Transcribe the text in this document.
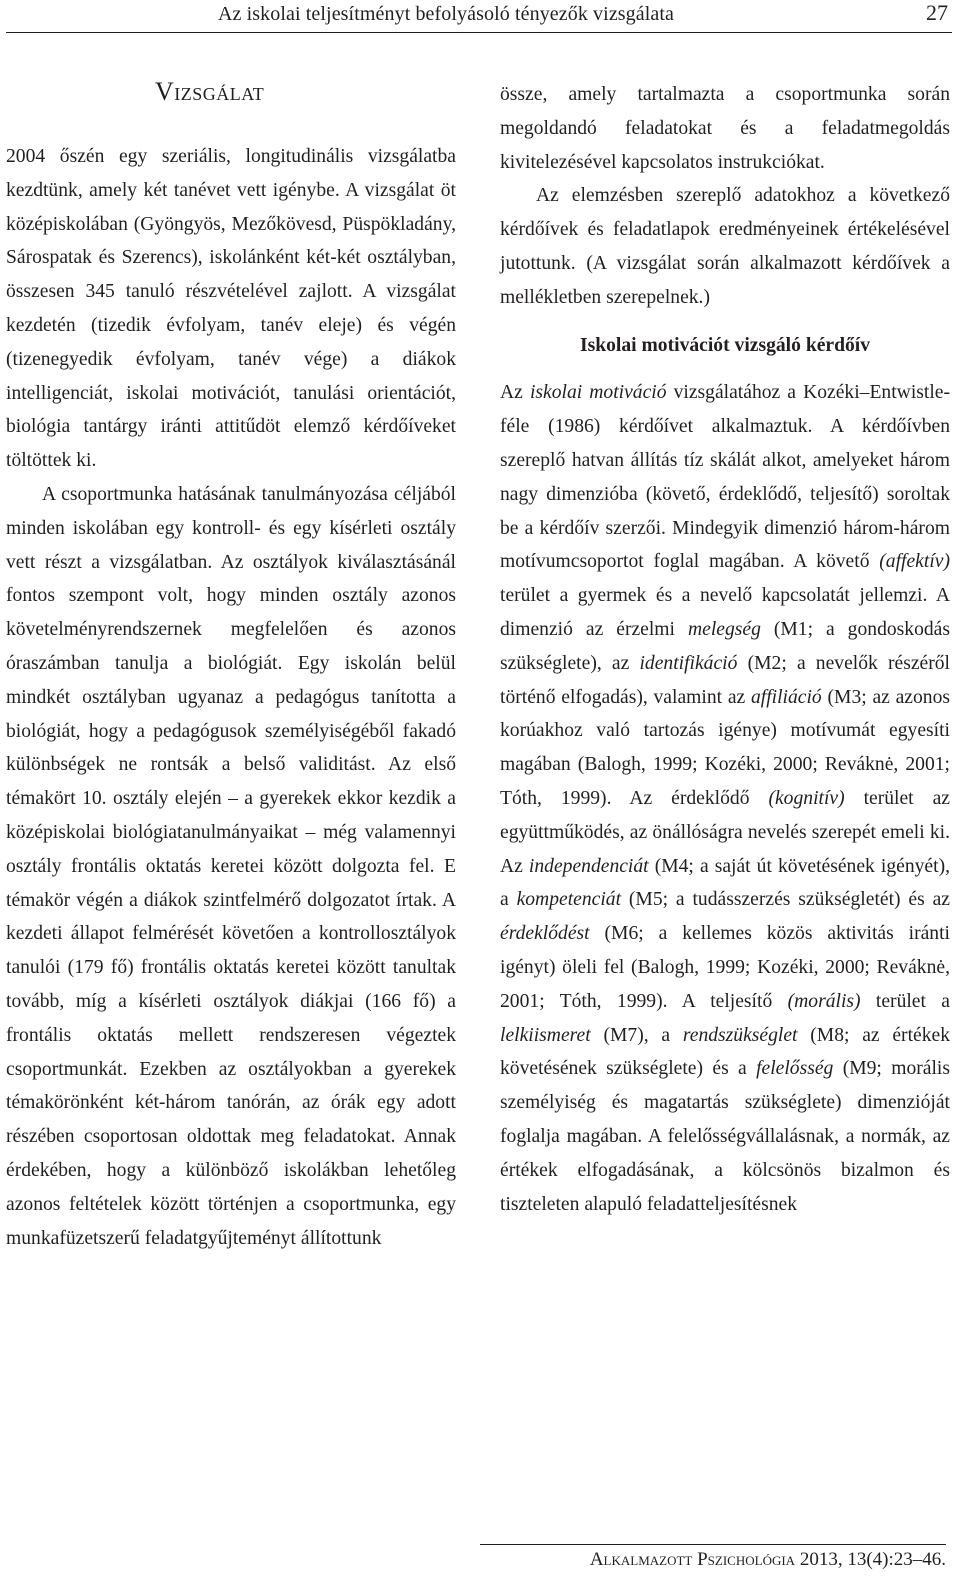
Az iskolai teljesítményt befolyásoló tényezők vizsgálata	27
Vizsgálat

2004 őszén egy szeriális, longitudinális vizsgálatba kezdtünk, amely két tanévet vett igénybe. A vizsgálat öt középiskolában (Gyöngyös, Mezőkövesd, Püspökladány, Sárospatak és Szerencs), iskolánként két-két osztályban, összesen 345 tanuló részvételével zajlott. A vizsgálat kezdetén (tizedik évfolyam, tanév eleje) és végén (tizenegyedik évfolyam, tanév vége) a diákok intelligenciát, iskolai motivációt, tanulási orientációt, biológia tantárgy iránti attitűdöt elemző kérdőíveket töltöttek ki.

A csoportmunka hatásának tanulmányozása céljából minden iskolában egy kontroll- és egy kísérleti osztály vett részt a vizsgálatban. Az osztályok kiválasztásánál fontos szempont volt, hogy minden osztály azonos követelményrendszernek megfelelően és azonos óraszámban tanulja a biológiát. Egy iskolán belül mindkét osztályban ugyanaz a pedagógus tanította a biológiát, hogy a pedagógusok személyiségéből fakadó különbségek ne rontsák a belső validitást. Az első témakört 10. osztály elején – a gyerekek ekkor kezdik a középiskolai biológiatanulmányaikat – még valamennyi osztály frontális oktatás keretei között dolgozta fel. E témakör végén a diákok szintfelmérő dolgozatot írtak. A kezdeti állapot felmérését követően a kontrollosztályok tanulói (179 fő) frontális oktatás keretei között tanultak tovább, míg a kísérleti osztályok diákjai (166 fő) a frontális oktatás mellett rendszeresen végeztek csoportmunkát. Ezekben az osztályokban a gyerekek témakörönként két-három tanórán, az órák egy adott részében csoportosan oldottak meg feladatokat. Annak érdekében, hogy a különböző iskolákban lehetőleg azonos feltételek között történjen a csoportmunka, egy munkafüzetszerű feladatgyűjteményt állítottunk

össze, amely tartalmazta a csoportmunka során megoldandó feladatokat és a feladatmegoldás kivitelezésével kapcsolatos instrukciókat.

Az elemzésben szereplő adatokhoz a következő kérdőívek és feladatlapok eredményeinek értékelésével jutottunk. (A vizsgálat során alkalmazott kérdőívek a mellékletben szerepelnek.)

Iskolai motivációt vizsgáló kérdőív

Az iskolai motiváció vizsgálatához a Kozéki–Entwistle-féle (1986) kérdőívet alkalmaztuk. A kérdőívben szereplő hatvan állítás tíz skálát alkot, amelyeket három nagy dimenzióba (követő, érdeklődő, teljesítő) soroltak be a kérdőív szerzői. Mindegyik dimenzió három-három motívumcsoportot foglal magában. A követő (affektív) terület a gyermek és a nevelő kapcsolatát jellemzi. A dimenzió az érzelmi melegség (M1; a gondoskodás szükséglete), az identifikáció (M2; a nevelők részéről történő elfogadás), valamint az affiliáció (M3; az azonos korúakhoz való tartozás igénye) motívumát egyesíti magában (Balogh, 1999; Kozéki, 2000; Reváknė, 2001; Tóth, 1999). Az érdeklődő (kognitív) terület az együttműködés, az önállóságra nevelés szerepét emeli ki. Az independenciát (M4; a saját út követésének igényét), a kompetenciát (M5; a tudásszerzés szükségletét) és az érdeklődést (M6; a kellemes közös aktivitás iránti igényt) öleli fel (Balogh, 1999; Kozéki, 2000; Reváknė, 2001; Tóth, 1999). A teljesítő (morális) terület a lelkiismeret (M7), a rendszükséglet (M8; az értékek követésének szükséglete) és a felelősség (M9; morális személyiség és magatartás szükséglete) dimenzióját foglalja magában. A felelősségvállalásnak, a normák, az értékek elfogadásának, a kölcsönös bizalmon és tiszteleten alapuló feladatteljesítésnek

Alkalmazott Pszichológia 2013, 13(4):23–46.
